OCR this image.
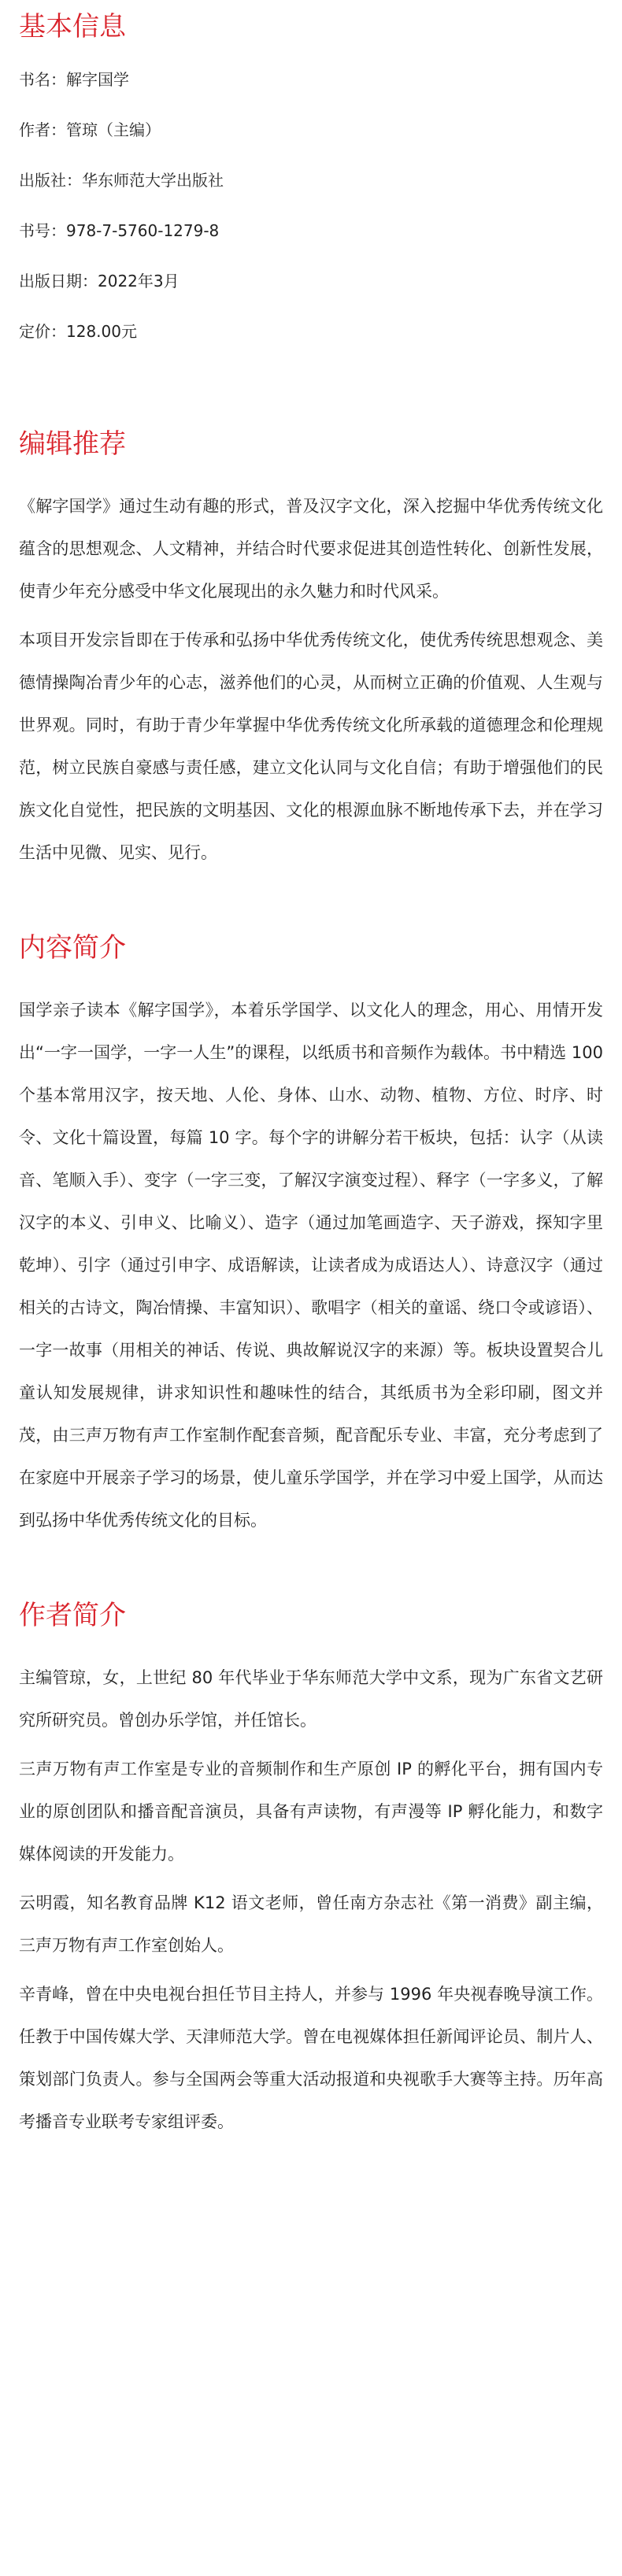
基本信息

书名：解字国学

作者：管琼（主编）

出版社：华东师范大学出版社

书号：978-7-5760-1279-8

出版日期：2022年3月

定价：128.00元

编辑推荐

《解字国学》通过生动有趣的形式，普及汉字文化，深入挖掘中华优秀传统文化蕴含的思想观念、人文精神，并结合时代要求促进其创造性转化、创新性发展，使青少年充分感受中华文化展现出的永久魅力和时代风采。

本项目开发宗旨即在于传承和弘扬中华优秀传统文化，使优秀传统思想观念、美德情操陶冶青少年的心志，滋养他们的心灵，从而树立正确的价值观、人生观与世界观。同时，有助于青少年掌握中华优秀传统文化所承载的道德理念和伦理规范，树立民族自豪感与责任感，建立文化认同与文化自信；有助于增强他们的民族文化自觉性，把民族的文明基因、文化的根源血脉不断地传承下去，并在学习生活中见微、见实、见行。

内容简介

国学亲子读本《解字国学》，本着乐学国学、以文化人的理念，用心、用情开发出“一字一国学，一字一人生”的课程，以纸质书和音频作为载体。书中精选 100 个基本常用汉字，按天地、人伦、身体、山水、动物、植物、方位、时序、时令、文化十篇设置，每篇 10 字。每个字的讲解分若干板块，包括：认字（从读音、笔顺入手）、变字（一字三变，了解汉字演变过程）、释字（一字多义，了解汉字的本义、引申义、比喻义）、造字（通过加笔画造字、天子游戏，探知字里乾坤）、引字（通过引申字、成语解读，让读者成为成语达人）、诗意汉字（通过相关的古诗文，陶冶情操、丰富知识）、歌唱字（相关的童谣、绕口令或谚语）、一字一故事（用相关的神话、传说、典故解说汉字的来源）等。板块设置契合儿童认知发展规律，讲求知识性和趣味性的结合，其纸质书为全彩印刷，图文并茂，由三声万物有声工作室制作配套音频，配音配乐专业、丰富，充分考虑到了在家庭中开展亲子学习的场景，使儿童乐学国学，并在学习中爱上国学，从而达到弘扬中华优秀传统文化的目标。

作者简介

主编管琼，女，上世纪 80 年代毕业于华东师范大学中文系，现为广东省文艺研究所研究员。曾创办乐学馆，并任馆长。

三声万物有声工作室是专业的音频制作和生产原创 IP 的孵化平台，拥有国内专业的原创团队和播音配音演员，具备有声读物，有声漫等 IP 孵化能力，和数字媒体阅读的开发能力。

云明霞，知名教育品牌 K12 语文老师，曾任南方杂志社《第一消费》副主编，三声万物有声工作室创始人。

辛青峰，曾在中央电视台担任节目主持人，并参与 1996 年央视春晚导演工作。任教于中国传媒大学、天津师范大学。曾在电视媒体担任新闻评论员、制片人、策划部门负责人。参与全国两会等重大活动报道和央视歌手大赛等主持。历年高考播音专业联考专家组评委。
